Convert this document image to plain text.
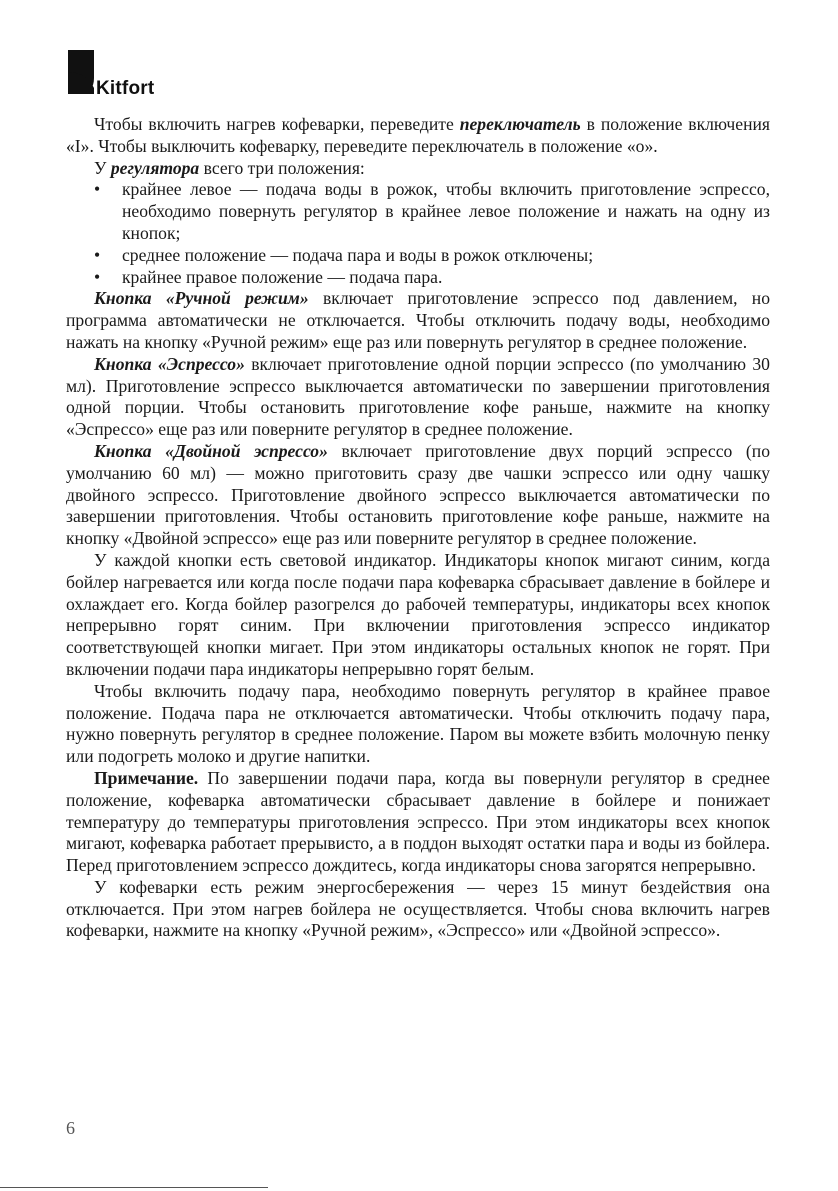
Kitfort

Чтобы включить нагрев кофеварки, переведите переключатель в положение включения «I». Чтобы выключить кофеварку, переведите переключатель в положение «о».

У регулятора всего три положения:

• крайнее левое — подача воды в рожок, чтобы включить приготовление эспрессо, необходимо повернуть регулятор в крайнее левое положение и нажать на одну из кнопок;
• среднее положение — подача пара и воды в рожок отключены;
• крайнее правое положение — подача пара.

Кнопка «Ручной режим» включает приготовление эспрессо под давлением, но программа автоматически не отключается. Чтобы отключить подачу воды, необходимо нажать на кнопку «Ручной режим» еще раз или повернуть регулятор в среднее положение.

Кнопка «Эспрессо» включает приготовление одной порции эспрессо (по умолчанию 30 мл). Приготовление эспрессо выключается автоматически по завершении приготовления одной порции. Чтобы остановить приготовление кофе раньше, нажмите на кнопку «Эспрессо» еще раз или поверните регулятор в среднее положение.

Кнопка «Двойной эспрессо» включает приготовление двух порций эспрессо (по умолчанию 60 мл) — можно приготовить сразу две чашки эспрессо или одну чашку двойного эспрессо. Приготовление двойного эспрессо выключается автоматически по завершении приготовления. Чтобы остановить приготовление кофе раньше, нажмите на кнопку «Двойной эспрессо» еще раз или поверните регулятор в среднее положение.

У каждой кнопки есть световой индикатор. Индикаторы кнопок мигают синим, когда бойлер нагревается или когда после подачи пара кофеварка сбрасывает давление в бойлере и охлаждает его. Когда бойлер разогрелся до рабочей температуры, индикаторы всех кнопок непрерывно горят синим. При включении приготовления эспрессо индикатор соответствующей кнопки мигает. При этом индикаторы остальных кнопок не горят. При включении подачи пара индикаторы непрерывно горят белым.

Чтобы включить подачу пара, необходимо повернуть регулятор в крайнее правое положение. Подача пара не отключается автоматически. Чтобы отключить подачу пара, нужно повернуть регулятор в среднее положение. Паром вы можете взбить молочную пенку или подогреть молоко и другие напитки.

Примечание. По завершении подачи пара, когда вы повернули регулятор в среднее положение, кофеварка автоматически сбрасывает давление в бойлере и понижает температуру до температуры приготовления эспрессо. При этом индикаторы всех кнопок мигают, кофеварка работает прерывисто, а в поддон выходят остатки пара и воды из бойлера. Перед приготовлением эспрессо дождитесь, когда индикаторы снова загорятся непрерывно.

У кофеварки есть режим энергосбережения — через 15 минут бездействия она отключается. При этом нагрев бойлера не осуществляется. Чтобы снова включить нагрев кофеварки, нажмите на кнопку «Ручной режим», «Эспрессо» или «Двойной эспрессо».

6
